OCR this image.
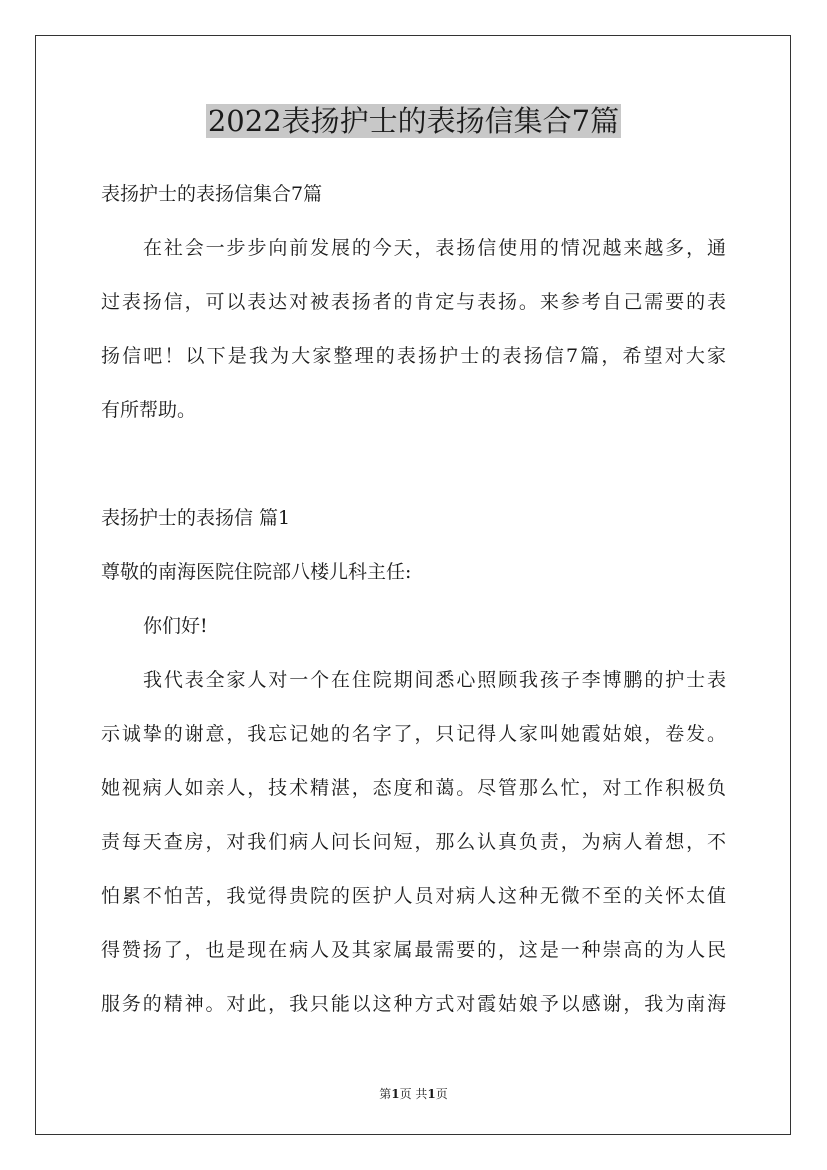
2022表扬护士的表扬信集合7篇
表扬护士的表扬信集合7篇
在社会一步步向前发展的今天，表扬信使用的情况越来越多，通
过表扬信，可以表达对被表扬者的肯定与表扬。来参考自己需要的表
扬信吧！以下是我为大家整理的表扬护士的表扬信7篇，希望对大家
有所帮助。
表扬护士的表扬信 篇1
尊敬的南海医院住院部八楼儿科主任:
你们好!
我代表全家人对一个在住院期间悉心照顾我孩子李博鹏的护士表
示诚挚的谢意，我忘记她的名字了，只记得人家叫她霞姑娘，卷发。
她视病人如亲人，技术精湛，态度和蔼。尽管那么忙，对工作积极负
责每天查房，对我们病人问长问短，那么认真负责，为病人着想，不
怕累不怕苦，我觉得贵院的医护人员对病人这种无微不至的关怀太值
得赞扬了，也是现在病人及其家属最需要的，这是一种崇高的为人民
服务的精神。对此，我只能以这种方式对霞姑娘予以感谢，我为南海
第1页 共1页
